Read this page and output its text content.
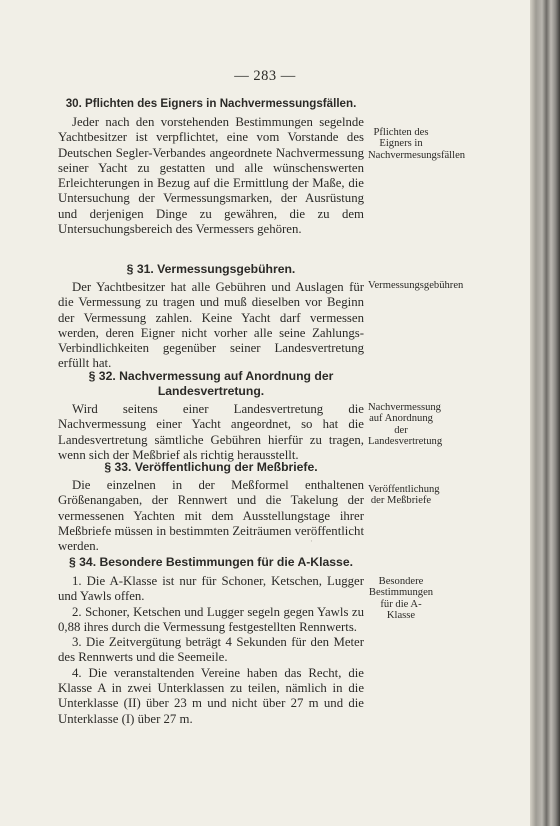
— 283 —
30. Pflichten des Eigners in Nachvermessungsfällen.

Jeder nach den vorstehenden Bestimmungen segelnde Yachtbesitzer ist verpflichtet, eine vom Vorstande des Deutschen Segler-Verbandes angeordnete Nachvermessung seiner Yacht zu gestatten und alle wünschenswerten Erleichterungen in Bezug auf die Ermittlung der Maße, die Untersuchung der Vermessungsmarken, der Ausrüstung und derjenigen Dinge zu gewähren, die zu dem Untersuchungsbereich des Vermessers gehören.

Pflichten des Eigners in Nachvermesungsfällen
§ 31. Vermessungsgebühren.

Der Yachtbesitzer hat alle Gebühren und Auslagen für die Vermessung zu tragen und muß dieselben vor Beginn der Vermessung zahlen. Keine Yacht darf vermessen werden, deren Eigner nicht vorher alle seine Zahlungs-Verbindlichkeiten gegenüber seiner Landesvertretung erfüllt hat.

Vermessungsgebühren
§ 32. Nachvermessung auf Anordnung der Landesvertretung.

Wird seitens einer Landesvertretung die Nachvermessung einer Yacht angeordnet, so hat die Landesvertretung sämtliche Gebühren hierfür zu tragen, wenn sich der Meßbrief als richtig herausstellt.

Nachvermessung auf Anordnung der Landesvertretung
§ 33. Veröffentlichung der Meßbriefe.

Die einzelnen in der Meßformel enthaltenen Größenangaben, der Rennwert und die Takelung der vermessenen Yachten mit dem Ausstellungstage ihrer Meßbriefe müssen in bestimmten Zeiträumen veröffentlicht werden.

Veröffentlichung der Meßbriefe
·
§ 34. Besondere Bestimmungen für die A-Klasse.

1. Die A-Klasse ist nur für Schoner, Ketschen, Lugger und Yawls offen.

2. Schoner, Ketschen und Lugger segeln gegen Yawls zu 0,88 ihres durch die Vermessung festgestellten Rennwerts.

3. Die Zeitvergütung beträgt 4 Sekunden für den Meter des Rennwerts und die Seemeile.

4. Die veranstaltenden Vereine haben das Recht, die Klasse A in zwei Unterklassen zu teilen, nämlich in die Unterklasse (II) über 23 m und nicht über 27 m und die Unterklasse (I) über 27 m.

Besondere Bestimmungen für die A-Klasse
